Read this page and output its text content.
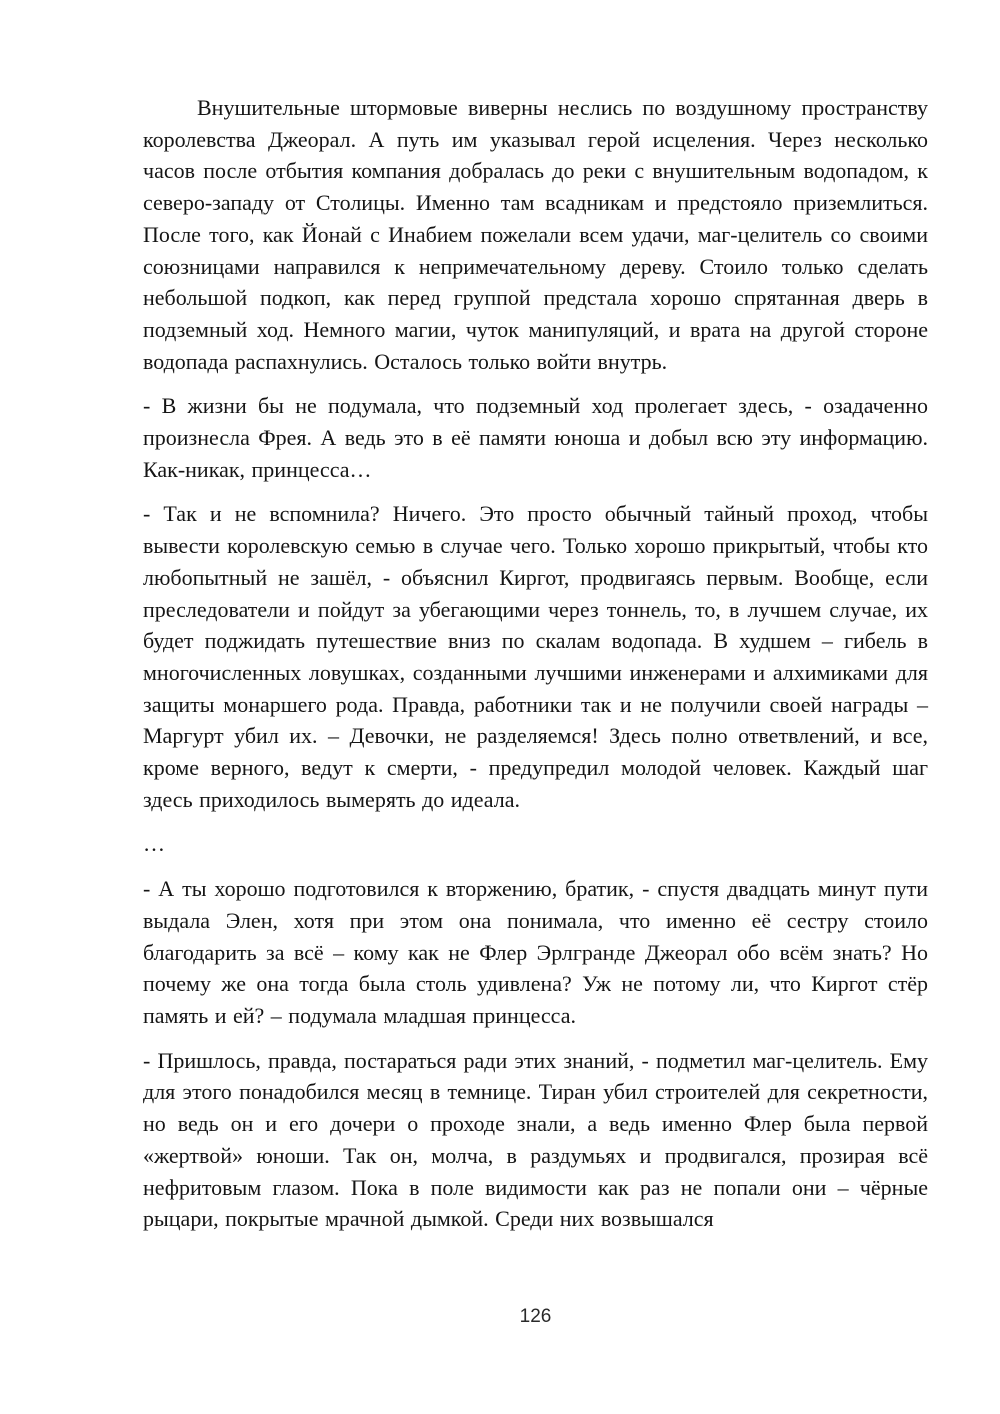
Внушительные штормовые виверны неслись по воздушному пространству королевства Джеорал. А путь им указывал герой исцеления. Через несколько часов после отбытия компания добралась до реки с внушительным водопадом, к северо-западу от Столицы. Именно там всадникам и предстояло приземлиться. После того, как Йонай с Инабием пожелали всем удачи, маг-целитель со своими союзницами направился к непримечательному дереву. Стоило только сделать небольшой подкоп, как перед группой предстала хорошо спрятанная дверь в подземный ход. Немного магии, чуток манипуляций, и врата на другой стороне водопада распахнулись. Осталось только войти внутрь.

- В жизни бы не подумала, что подземный ход пролегает здесь, - озадаченно произнесла Фрея. А ведь это в её памяти юноша и добыл всю эту информацию. Как-никак, принцесса…

- Так и не вспомнила? Ничего. Это просто обычный тайный проход, чтобы вывести королевскую семью в случае чего. Только хорошо прикрытый, чтобы кто любопытный не зашёл, - объяснил Киргот, продвигаясь первым. Вообще, если преследователи и пойдут за убегающими через тоннель, то, в лучшем случае, их будет поджидать путешествие вниз по скалам водопада. В худшем – гибель в многочисленных ловушках, созданными лучшими инженерами и алхимиками для защиты монаршего рода. Правда, работники так и не получили своей награды – Маргурт убил их. – Девочки, не разделяемся! Здесь полно ответвлений, и все, кроме верного, ведут к смерти, - предупредил молодой человек. Каждый шаг здесь приходилось вымерять до идеала.

…

- А ты хорошо подготовился к вторжению, братик, - спустя двадцать минут пути выдала Элен, хотя при этом она понимала, что именно её сестру стоило благодарить за всё – кому как не Флер Эрлгранде Джеорал обо всём знать? Но почему же она тогда была столь удивлена? Уж не потому ли, что Киргот стёр память и ей? – подумала младшая принцесса.

- Пришлось, правда, постараться ради этих знаний, - подметил маг-целитель. Ему для этого понадобился месяц в темнице. Тиран убил строителей для секретности, но ведь он и его дочери о проходе знали, а ведь именно Флер была первой «жертвой» юноши. Так он, молча, в раздумьях и продвигался, прозирая всё нефритовым глазом. Пока в поле видимости как раз не попали они – чёрные рыцари, покрытые мрачной дымкой. Среди них возвышался

126
